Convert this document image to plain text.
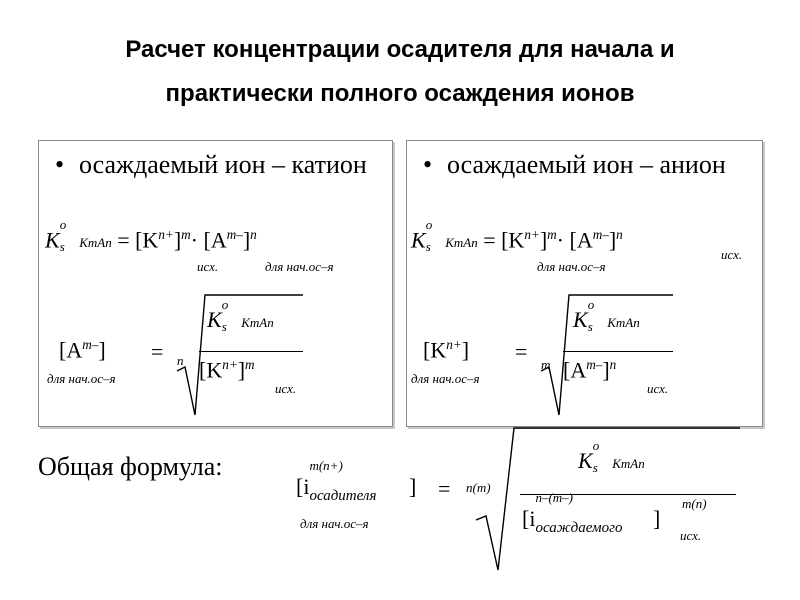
Расчет концентрации осадителя для начала и
практически полного осаждения ионов
• осаждаемый ион – катион
K
o
s KmAn = $[K^{n+}]^m\cdot [A^{m-}]^n$
исх.	для нач.ос–я
$[A^{m-}]$
для нач.ос–я
= n
K
o
s KmAn
$[K^{n+}]^m$
исх.
• осаждаемый ион – анион
K
o
s KmAn = $[K^{n+}]^m\cdot [A^{m-}]^n$
для нач.ос–я
исх.
$[K^{n+}]$
для нач.ос–я
=
m
K
o
s KmAn
$[A^{m-}]^n$
исх.
Общая формула:
[i
m(n+)
осадителя ]
для нач.ос–я
= n(m)
K
o
s KmAn
[i
n–(m–)
осаждаемого ]
m(n)
исх.
